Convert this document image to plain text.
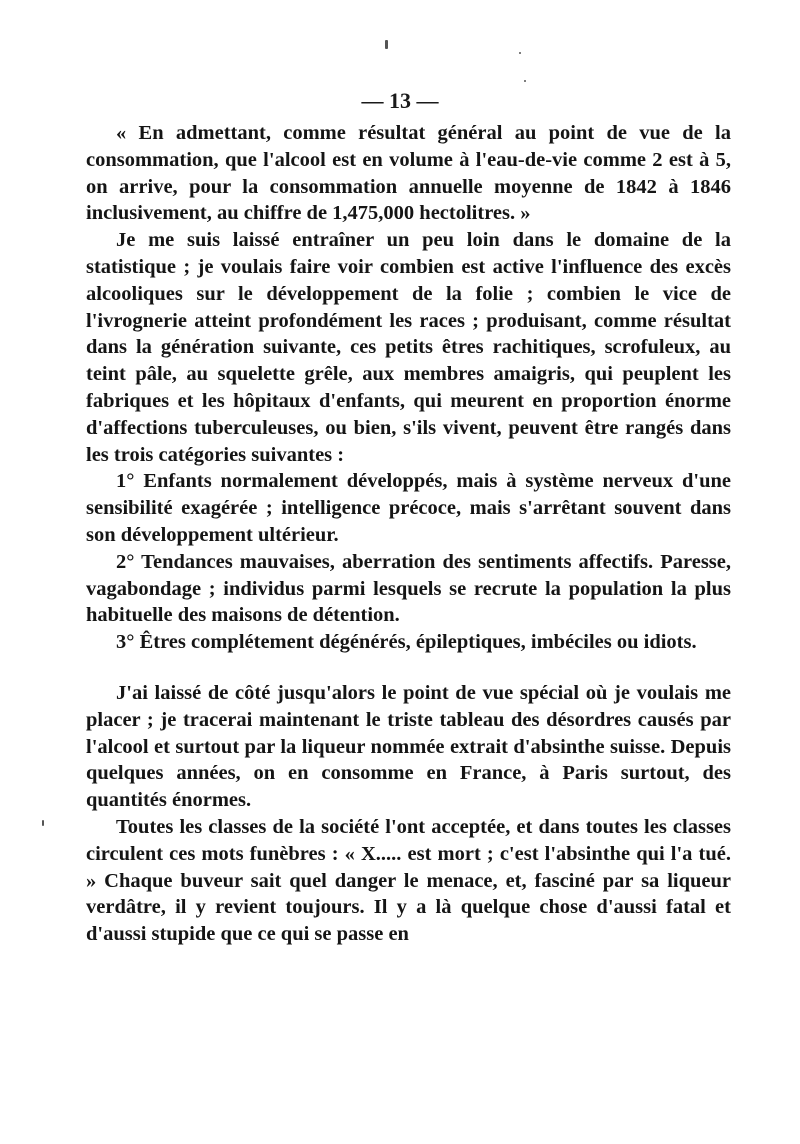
— 13 —

« En admettant, comme résultat général au point de vue de la consommation, que l'alcool est en volume à l'eau-de-vie comme 2 est à 5, on arrive, pour la consommation annuelle moyenne de 1842 à 1846 inclusivement, au chiffre de 1,475,000 hectolitres. »

Je me suis laissé entraîner un peu loin dans le domaine de la statistique ; je voulais faire voir combien est active l'influence des excès alcooliques sur le développement de la folie ; combien le vice de l'ivrognerie atteint profondément les races ; produisant, comme résultat dans la génération suivante, ces petits êtres rachitiques, scrofuleux, au teint pâle, au squelette grêle, aux membres amaigris, qui peuplent les fabriques et les hôpitaux d'enfants, qui meurent en proportion énorme d'affections tuberculeuses, ou bien, s'ils vivent, peuvent être rangés dans les trois catégories suivantes :

1° Enfants normalement développés, mais à système nerveux d'une sensibilité exagérée ; intelligence précoce, mais s'arrêtant souvent dans son développement ultérieur.

2° Tendances mauvaises, aberration des sentiments affectifs. Paresse, vagabondage ; individus parmi lesquels se recrute la population la plus habituelle des maisons de détention.

3° Êtres complétement dégénérés, épileptiques, imbéciles ou idiots.

J'ai laissé de côté jusqu'alors le point de vue spécial où je voulais me placer ; je tracerai maintenant le triste tableau des désordres causés par l'alcool et surtout par la liqueur nommée extrait d'absinthe suisse. Depuis quelques années, on en consomme en France, à Paris surtout, des quantités énormes.

Toutes les classes de la société l'ont acceptée, et dans toutes les classes circulent ces mots funèbres : « X..... est mort ; c'est l'absinthe qui l'a tué. » Chaque buveur sait quel danger le menace, et, fasciné par sa liqueur verdâtre, il y revient toujours. Il y a là quelque chose d'aussi fatal et d'aussi stupide que ce qui se passe en
